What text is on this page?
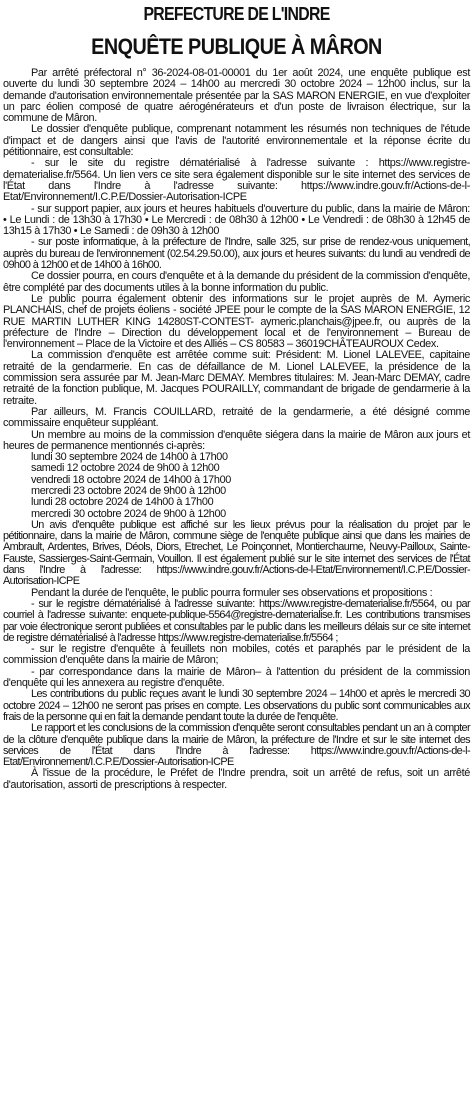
PREFECTURE DE L'INDRE
ENQUÊTE PUBLIQUE À MÂRON

Par arrêté préfectoral n° 36-2024-08-01-00001 du 1er août 2024, une enquête publique est ouverte du lundi 30 septembre 2024 – 14h00 au mercredi 30 octobre 2024 – 12h00 inclus, sur la demande d'autorisation environnementale présentée par la SAS MARON ENERGIE, en vue d'exploiter un parc éolien composé de quatre aérogénérateurs et d'un poste de livraison électrique, sur la commune de Mâron.

Le dossier d'enquête publique, comprenant notamment les résumés non techniques de l'étude d'impact et de dangers ainsi que l'avis de l'autorité environnementale et la réponse écrite du pétitionnaire, est consultable:

- sur le site du registre dématérialisé à l'adresse suivante : https://www.registre-dematerialise.fr/5564. Un lien vers ce site sera également disponible sur le site internet des services de l'État dans l'Indre à l'adresse suivante: https://www.indre.gouv.fr/Actions-de-l-Etat/Environnement/I.C.P.E/Dossier-Autorisation-ICPE

- sur support papier, aux jours et heures habituels d'ouverture du public, dans la mairie de Mâron: • Le Lundi : de 13h30 à 17h30 • Le Mercredi : de 08h30 à 12h00 • Le Vendredi : de 08h30 à 12h45 de 13h15 à 17h30 • Le Samedi : de 09h30 à 12h00

- sur poste informatique, à la préfecture de l'Indre, salle 325, sur prise de rendez-vous uniquement, auprès du bureau de l'environnement (02.54.29.50.00), aux jours et heures suivants: du lundi au vendredi de 09h00 à 12h00 et de 14h00 à 16h00.

Ce dossier pourra, en cours d'enquête et à la demande du président de la commission d'enquête, être complété par des documents utiles à la bonne information du public.

Le public pourra également obtenir des informations sur le projet auprès de M. Aymeric PLANCHAIS, chef de projets éoliens - société JPEE pour le compte de la SAS MARON ENERGIE, 12 RUE MARTIN LUTHER KING 14280ST-CONTEST- aymeric.planchais@jpee.fr, ou auprès de la préfecture de l'Indre – Direction du développement local et de l'environnement – Bureau de l'environnement – Place de la Victoire et des Alliés – CS 80583 – 36019CHÂTEAUROUX Cedex.

La commission d'enquête est arrêtée comme suit: Président: M. Lionel LALEVEE, capitaine retraité de la gendarmerie. En cas de défaillance de M. Lionel LALEVEE, la présidence de la commission sera assurée par M. Jean-Marc DEMAY. Membres titulaires: M. Jean-Marc DEMAY, cadre retraité de la fonction publique, M. Jacques POURAILLY, commandant de brigade de gendarmerie à la retraite.

Par ailleurs, M. Francis COUILLARD, retraité de la gendarmerie, a été désigné comme commissaire enquêteur suppléant.

Un membre au moins de la commission d'enquête siégera dans la mairie de Mâron aux jours et heures de permanence mentionnés ci-après:

lundi 30 septembre 2024 de 14h00 à 17h00
samedi 12 octobre 2024 de 9h00 à 12h00
vendredi 18 octobre 2024 de 14h00 à 17h00
mercredi 23 octobre 2024 de 9h00 à 12h00
lundi 28 octobre 2024 de 14h00 à 17h00
mercredi 30 octobre 2024 de 9h00 à 12h00

Un avis d'enquête publique est affiché sur les lieux prévus pour la réalisation du projet par le pétitionnaire, dans la mairie de Mâron, commune siège de l'enquête publique ainsi que dans les mairies de Ambrault, Ardentes, Brives, Déols, Diors, Etrechet, Le Poinçonnet, Montierchaume, Neuvy-Pailloux, Sainte-Fauste, Sassierges-Saint-Germain, Vouillon. Il est également publié sur le site internet des services de l'État dans l'Indre à l'adresse: https://www.indre.gouv.fr/Actions-de-l-Etat/Environnement/I.C.P.E/Dossier-Autorisation-ICPE

Pendant la durée de l'enquête, le public pourra formuler ses observations et propositions :

- sur le registre dématérialisé à l'adresse suivante: https://www.registre-dematerialise.fr/5564, ou par courriel à l'adresse suivante: enquete-publique-5564@registre-dematerialise.fr. Les contributions transmises par voie électronique seront publiées et consultables par le public dans les meilleurs délais sur ce site internet de registre dématérialisé à l'adresse https://www.registre-dematerialise.fr/5564 ;

- sur le registre d'enquête à feuillets non mobiles, cotés et paraphés par le président de la commission d'enquête dans la mairie de Mâron;

- par correspondance dans la mairie de Mâron– à l'attention du président de la commission d'enquête qui les annexera au registre d'enquête.

Les contributions du public reçues avant le lundi 30 septembre 2024 – 14h00 et après le mercredi 30 octobre 2024 – 12h00 ne seront pas prises en compte. Les observations du public sont communicables aux frais de la personne qui en fait la demande pendant toute la durée de l'enquête.

Le rapport et les conclusions de la commission d'enquête seront consultables pendant un an à compter de la clôture d'enquête publique dans la mairie de Mâron, la préfecture de l'Indre et sur le site internet des services de l'État dans l'Indre à l'adresse: https://www.indre.gouv.fr/Actions-de-l-Etat/Environnement/I.C.P.E/Dossier-Autorisation-ICPE

À l'issue de la procédure, le Préfet de l'Indre prendra, soit un arrêté de refus, soit un arrêté d'autorisation, assorti de prescriptions à respecter.
